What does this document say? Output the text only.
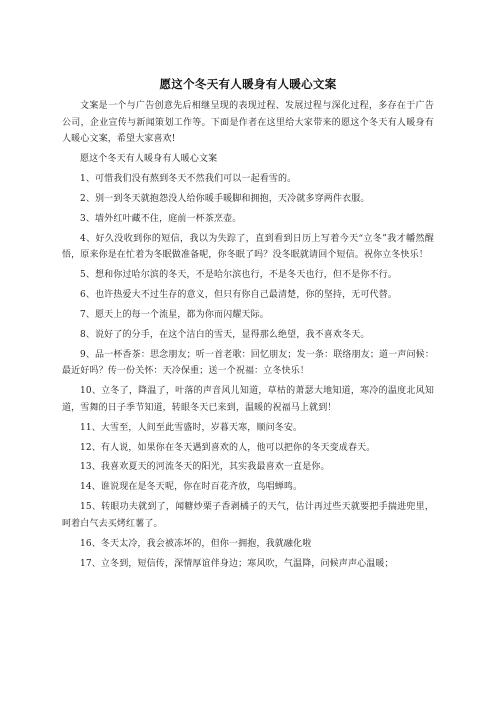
愿这个冬天有人暖身有人暖心文案

文案是一个与广告创意先后相继呈现的表现过程、发展过程与深化过程，多存在于广告公司，企业宣传与新闻策划工作等。下面是作者在这里给大家带来的愿这个冬天有人暖身有人暖心文案，希望大家喜欢!

愿这个冬天有人暖身有人暖心文案

1、可惜我们没有熬到冬天不然我们可以一起看雪的。

2、别一到冬天就抱怨没人给你暖手暖脚和拥抱，天冷就多穿两件衣服。

3、墙外红叶藏不住，庭前一杯茶烹壶。

4、好久没收到你的短信，我以为失踪了，直到看到日历上写着今天“立冬”我才幡然醒悟，原来你是在忙着为冬眠做准备呢，你冬眠了吗？没冬眠就请回个短信。祝你立冬快乐！

5、想和你过哈尔滨的冬天，不是哈尔滨也行，不是冬天也行，但不是你不行。

6、也许热爱大不过生存的意义，但只有你自己最清楚，你的坚持，无可代替。

7、愿天上的每一个流星，都为你而闪耀天际。

8、说好了的分手，在这个洁白的雪天，显得那么绝望，我不喜欢冬天。

9、品一杯香茶：思念朋友；听一首老歌：回忆朋友；发一条：联络朋友；道一声问候：最近好吗？传一份关怀：天冷保重；送一个祝福：立冬快乐！

10、立冬了，降温了，叶落的声音风儿知道，草枯的萧瑟大地知道，寒冷的温度北风知道，雪舞的日子季节知道，转眼冬天已来到，温暖的祝福马上就到！

11、大雪至，人间至此雪盛时，岁暮天寒，顺问冬安。

12、有人说，如果你在冬天遇到喜欢的人，他可以把你的冬天变成春天。

13、我喜欢夏天的河流冬天的阳光，其实我最喜欢一直是你。

14、谁说现在是冬天呢，你在时百花齐放，鸟唱蝉鸣。

15、转眼功夫就到了，闻糖炒栗子香剥橘子的天气，估计再过些天就要把手揣进兜里，呵着白气去买烤红薯了。

16、冬天太冷，我会被冻坏的，但你一拥抱，我就融化啦

17、立冬到，短信传，深情厚谊伴身边；寒风吹，气温降，问候声声心温暖；
